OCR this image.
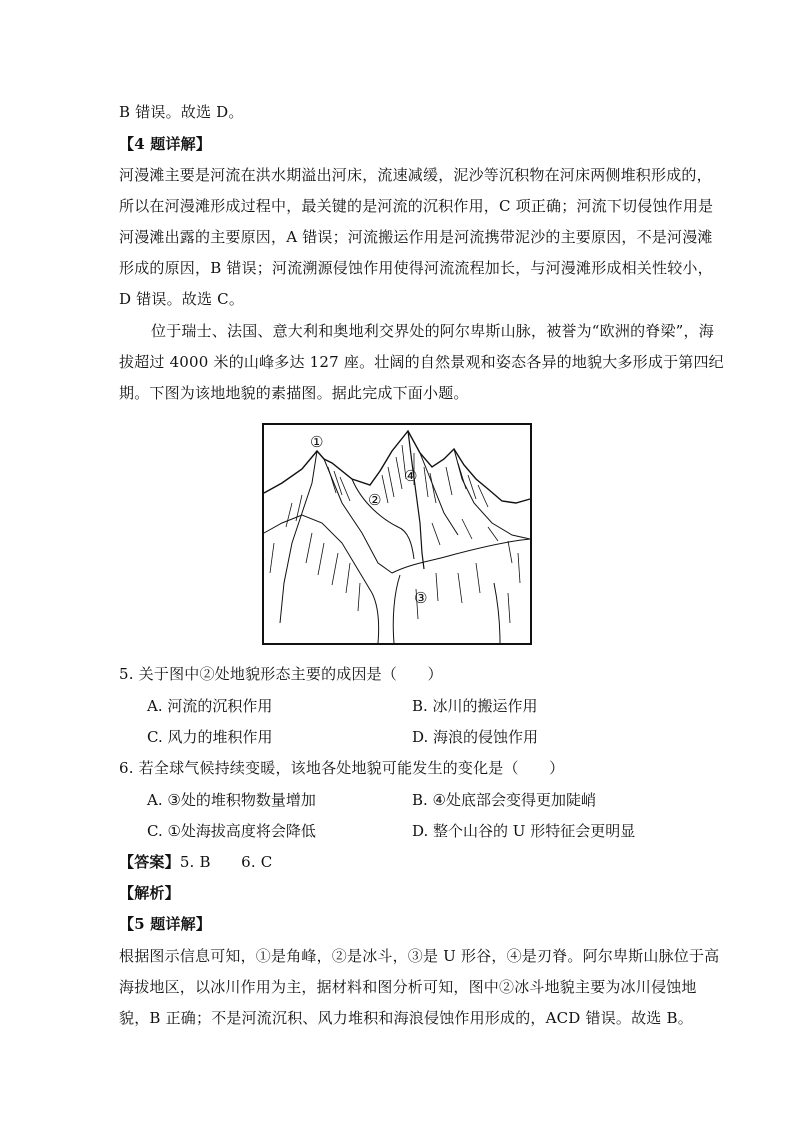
B 错误。故选 D。
【4 题详解】
河漫滩主要是河流在洪水期溢出河床，流速减缓，泥沙等沉积物在河床两侧堆积形成的，
所以在河漫滩形成过程中，最关键的是河流的沉积作用，C 项正确；河流下切侵蚀作用是
河漫滩出露的主要原因，A 错误；河流搬运作用是河流携带泥沙的主要原因，不是河漫滩
形成的原因，B 错误；河流溯源侵蚀作用使得河流流程加长，与河漫滩形成相关性较小，
D 错误。故选 C。
位于瑞士、法国、意大利和奥地利交界处的阿尔卑斯山脉，被誉为“欧洲的脊梁”，海
拔超过 4000 米的山峰多达 127 座。壮阔的自然景观和姿态各异的地貌大多形成于第四纪
期。下图为该地地貌的素描图。据此完成下面小题。
①
②
③
④
5. 关于图中②处地貌形态主要的成因是（　　）
A. 河流的沉积作用	B. 冰川的搬运作用
C. 风力的堆积作用	D. 海浪的侵蚀作用
6. 若全球气候持续变暖，该地各处地貌可能发生的变化是（　　）
A. ③处的堆积物数量增加	B. ④处底部会变得更加陡峭
C. ①处海拔高度将会降低	D. 整个山谷的 U 形特征会更明显
【答案】5. B　　6. C
【解析】
【5 题详解】
根据图示信息可知，①是角峰，②是冰斗，③是 U 形谷，④是刃脊。阿尔卑斯山脉位于高
海拔地区，以冰川作用为主，据材料和图分析可知，图中②冰斗地貌主要为冰川侵蚀地
貌，B 正确；不是河流沉积、风力堆积和海浪侵蚀作用形成的，ACD 错误。故选 B。
